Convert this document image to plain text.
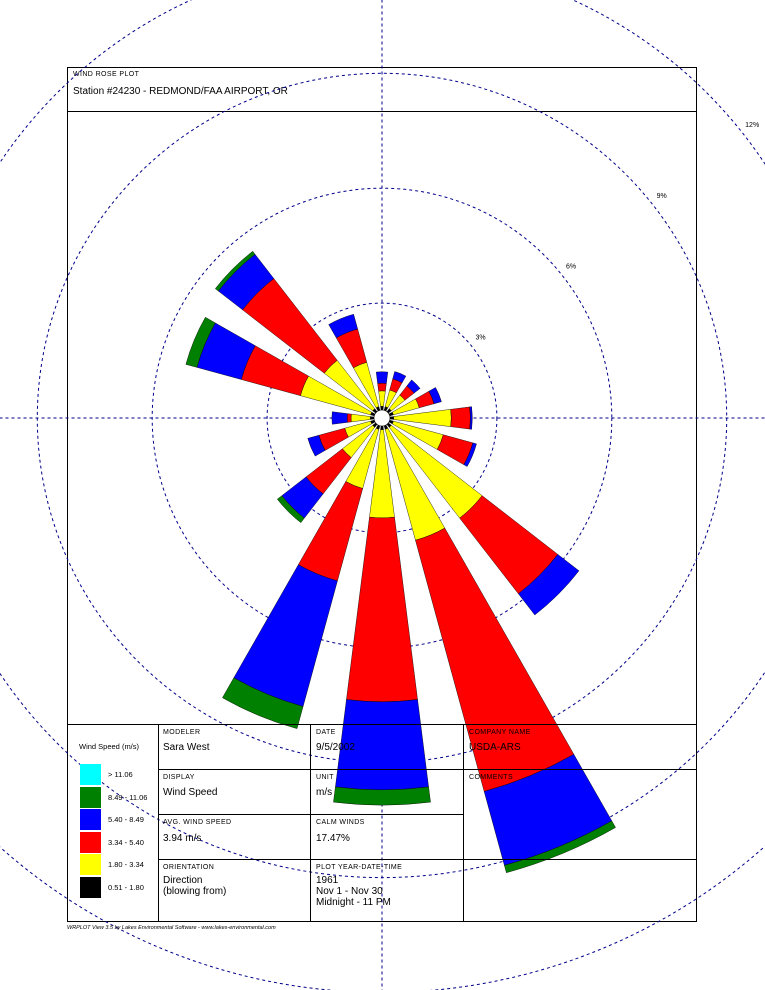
WIND ROSE PLOT
Station #24230 - REDMOND/FAA AIRPORT, OR
3%
6%
9%
12%
Wind Speed (m/s)
> 11.06
8.49 - 11.06
5.40 - 8.49
3.34 - 5.40
1.80 - 3.34
0.51 - 1.80
MODELER
Sara West
DATE
9/5/2002
COMPANY NAME
USDA-ARS
DISPLAY
Wind Speed
UNIT
m/s
COMMENTS
AVG. WIND SPEED
3.94 m/s
CALM WINDS
17.47%
ORIENTATION
Direction
(blowing from)
PLOT YEAR-DATE-TIME
1961
Nov 1 - Nov 30
Midnight - 11 PM
WRPLOT View 3.5 by Lakes Environmental Software - www.lakes-environmental.com
